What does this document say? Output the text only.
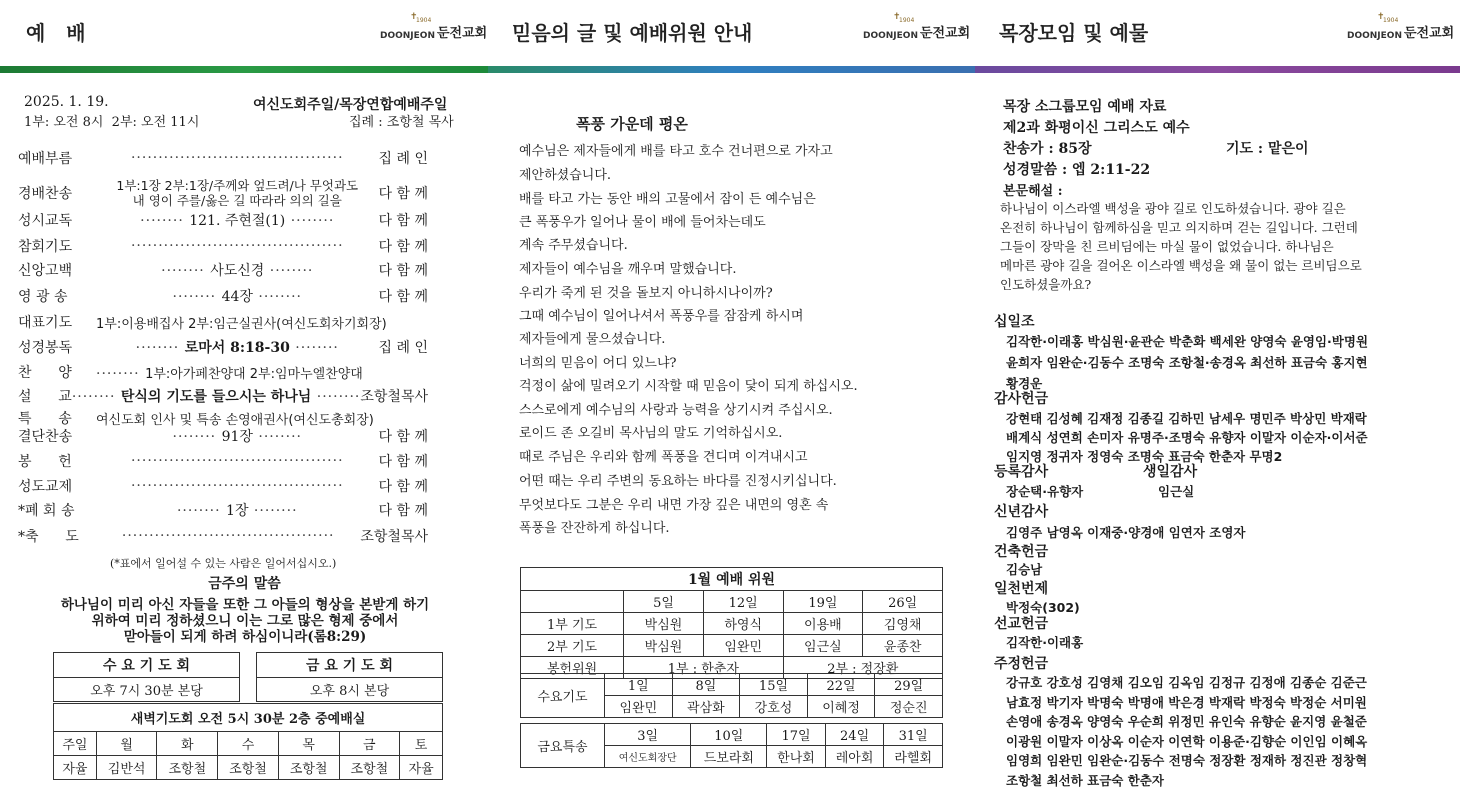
예   배	믿음의 글 및 예배위원 안내	목장모임 및 예물
✝
1904
DOONJEON 둔전교회
✝
1904
DOONJEON 둔전교회
✝
1904
DOONJEON 둔전교회
2025. 1. 19.	여신도회주일/목장연합예배주일
1부: 오전 8시  2부: 오전 11시	집례 : 조항철 목사
예배부름	·······································	집 례 인
경배찬송
1부:1장 2부:1장/주께와 엎드려/나 무엇과도
내 영이 주를/옳은 길 따라라 의의 길을	다 함 께
성시교독	········ 121. 주현절(1) ········	다 함 께
참회기도	·······································	다 함 께
신앙고백	········ 사도신경 ········	다 함 께
영 광 송	········ 44장 ········	다 함 께
대표기도	1부:이용배집사 2부:임근실권사(여신도회차기회장)
성경봉독	········ 로마서 8:18-30 ········	집 례 인
찬      양	········ 1부:아가페찬양대 2부:임마누엘찬양대
설      교 ········ 탄식의 기도를 들으시는 하나님 ········ 조항철목사
특      송	여신도회 인사 및 특송 손영애권사(여신도총회장)
결단찬송	········ 91장 ········	다 함 께
봉      헌	·······································	다 함 께
성도교제	·······································	다 함 께
*폐 회 송	········ 1장 ········	다 함 께
*축      도	·······································	조항철목사
(*표에서 일어설 수 있는 사람은 일어서십시오.)
금주의 말씀
하나님이 미리 아신 자들을 또한 그 아들의 형상을 본받게 하기
위하여 미리 정하셨으니 이는 그로 많은 형제 중에서
맏아들이 되게 하려 하심이니라(롬8:29)
수 요 기 도 회
오후 7시 30분 본당
금 요 기 도 회
오후 8시 본당
새벽기도회 오전 5시 30분 2층 중예배실						
주일	월	화	수	목	금	토
자율	김반석	조항철	조항철	조항철	조항철	자율
폭풍 가운데 평온
예수님은 제자들에게 배를 타고 호수 건너편으로 가자고
제안하셨습니다.
배를 타고 가는 동안 배의 고물에서 잠이 든 예수님은
큰 폭풍우가 일어나 물이 배에 들어차는데도
계속 주무셨습니다.
제자들이 예수님을 깨우며 말했습니다.
우리가 죽게 된 것을 돌보지 아니하시나이까?
그때 예수님이 일어나셔서 폭풍우를 잠잠케 하시며
제자들에게 물으셨습니다.
너희의 믿음이 어디 있느냐?
걱정이 삶에 밀려오기 시작할 때 믿음이 닻이 되게 하십시오.
스스로에게 예수님의 사랑과 능력을 상기시켜 주십시오.
로이드 존 오길비 목사님의 말도 기억하십시오.
때로 주님은 우리와 함께 폭풍을 견디며 이겨내시고
어떤 때는 우리 주변의 동요하는 바다를 진정시키십니다.
무엇보다도 그분은 우리 내면 가장 깊은 내면의 영혼 속
폭풍을 잔잔하게 하십니다.
1월 예배 위원				
	5일	12일	19일	26일
1부 기도	박심원	하영식	이용배	김영채
2부 기도	박심원	임완민	임근실	윤종찬
봉헌위원	1부 : 한춘자		2부 : 정장환	
수요기도	1일	8일	15일	22일	29일
	임완민	곽삼화	강호성	이혜정	정순진
금요특송	3일	10일	17일	24일	31일
	여신도회장단	드보라회	한나회	레아회	라헬회
목장 소그룹모임 예배 자료
제2과 화평이신 그리스도 예수
찬송가 : 85장	기도 : 맡은이
성경말씀 : 엡 2:11-22
본문해설 :
하나님이 이스라엘 백성을 광야 길로 인도하셨습니다. 광야 길은
온전히 하나님이 함께하심을 믿고 의지하며 걷는 길입니다. 그런데
그들이 장막을 친 르비딤에는 마실 물이 없었습니다. 하나님은
메마른 광야 길을 걸어온 이스라엘 백성을 왜 물이 없는 르비딤으로
인도하셨을까요?
십일조
김작한·이래홍 박심원·윤관순 박춘화 백세완 양영숙 윤영임·박명원
윤희자 임완순·김동수 조명숙 조항철·송경옥 최선하 표금숙 홍지현
황경운
감사헌금
강현태 김성혜 김재정 김종길 김하민 남세우 명민주 박상민 박재락
배계식 성연희 손미자 유명주·조명숙 유향자 이말자 이순자·이서준
임지영 정귀자 정영숙 조명숙 표금숙 한춘자 무명2
등록감사	생일감사
장순택·유향자	임근실
신년감사
김영주 남영옥 이재중·양경애 임연자 조영자
건축헌금
김승남
일천번제
박정숙(302)
선교헌금
김작한·이래홍
주정헌금
강규호 강호성 김영채 김오임 김옥임 김정규 김정애 김종순 김준근
남효정 박기자 박명숙 박명애 박은경 박재락 박정숙 박정순 서미원
손영애 송경옥 양영숙 우순희 위정민 유인숙 유향순 윤지영 윤철준
이광원 이말자 이상옥 이순자 이연학 이용준·김향순 이인임 이혜옥
임영희 임완민 임완순·김동수 전명숙 정장환 정재하 정진관 정창혁
조항철 최선하 표금숙 한춘자
